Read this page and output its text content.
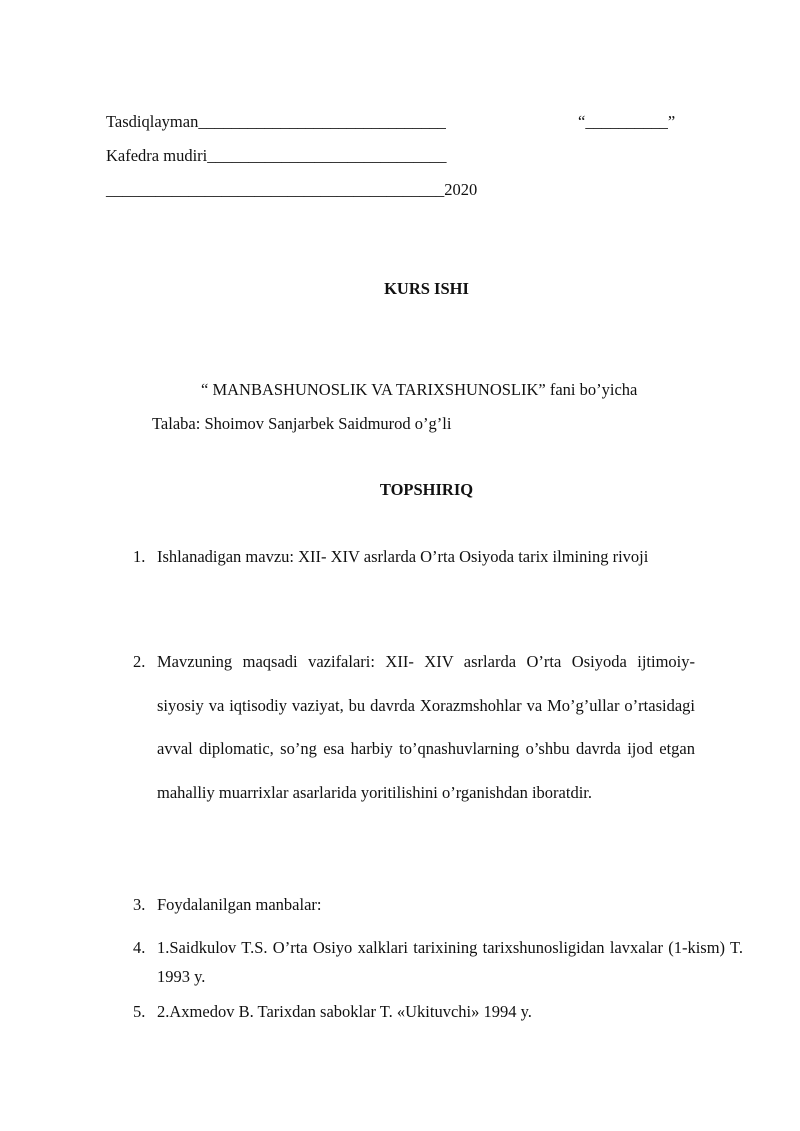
Tasdiqlayman______________________________	“__________”
Kafedra mudiri_____________________________
_________________________________________2020
KURS ISHI
“ MANBASHUNOSLIK VA TARIXSHUNOSLIK” fani bo’yicha
Talaba: Shoimov Sanjarbek Saidmurod o’g’li
TOPSHIRIQ
1. Ishlanadigan mavzu: XII- XIV asrlarda O’rta Osiyoda tarix ilmining rivoji
2. Mavzuning maqsadi vazifalari: XII- XIV asrlarda O’rta Osiyoda ijtimoiy- siyosiy va iqtisodiy vaziyat, bu davrda Xorazmshohlar va Mo’g’ullar o’rtasidagi avval diplomatic, so’ng esa harbiy to’qnashuvlarning o’shbu davrda ijod etgan mahalliy muarrixlar asarlarida yoritilishini o’rganishdan iboratdir.
3. Foydalanilgan manbalar:
4. 1.Saidkulov T.S. O’rta Osiyo xalklari tarixining tarixshunosligidan lavxalar (1-kism) T. 1993 y.
5. 2.Axmedov B. Tarixdan saboklar T. «Ukituvchi» 1994 y.
